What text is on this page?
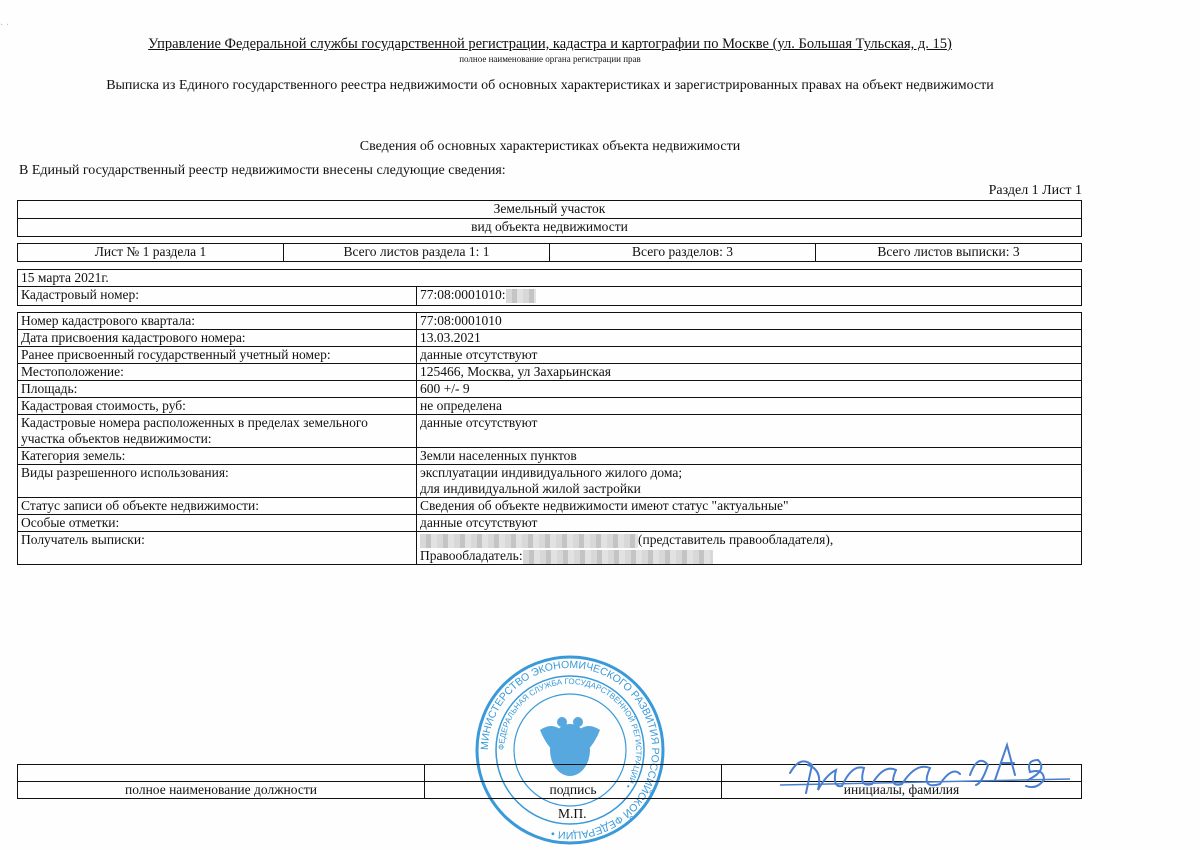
· ·
Управление Федеральной службы государственной регистрации, кадастра и картографии по Москве (ул. Большая Тульская, д. 15)
полное наименование органа регистрации прав
Выписка из Единого государственного реестра недвижимости об основных характеристиках и зарегистрированных правах на объект недвижимости
Сведения об основных характеристиках объекта недвижимости
В Единый государственный реестр недвижимости внесены следующие сведения:
Раздел 1 Лист 1
Земельный участок
вид объекта недвижимости
Лист № 1 раздела 1	Всего листов раздела 1: 1	Всего разделов: 3	Всего листов выписки: 3
15 марта 2021г.
Кадастровый номер:	77:08:0001010:
Номер кадастрового квартала:	77:08:0001010
Дата присвоения кадастрового номера:	13.03.2021
Ранее присвоенный государственный учетный номер:	данные отсутствуют
Местоположение:	125466, Москва, ул Захарьинская
Площадь:	600 +/- 9
Кадастровая стоимость, руб:	не определена
Кадастровые номера расположенных в пределах земельного участка объектов недвижимости:	данные отсутствуют
Категория земель:	Земли населенных пунктов
Виды разрешенного использования:	эксплуатации индивидуального жилого дома;
для индивидуальной жилой застройки

Статус записи об объекте недвижимости:	Сведения об объекте недвижимости имеют статус "актуальные"
Особые отметки:	данные отсутствуют
Получатель выписки:	(представитель правообладателя),
Правообладатель:
МИНИСТЕРСТВО ЭКОНОМИЧЕСКОГО РАЗВИТИЯ РОССИЙСКОЙ ФЕДЕРАЦИИ •
ФЕДЕРАЛЬНАЯ СЛУЖБА ГОСУДАРСТВЕННОЙ РЕГИСТРАЦИИ •

полное наименование должности	подпись	инициалы, фамилия
М.П.
